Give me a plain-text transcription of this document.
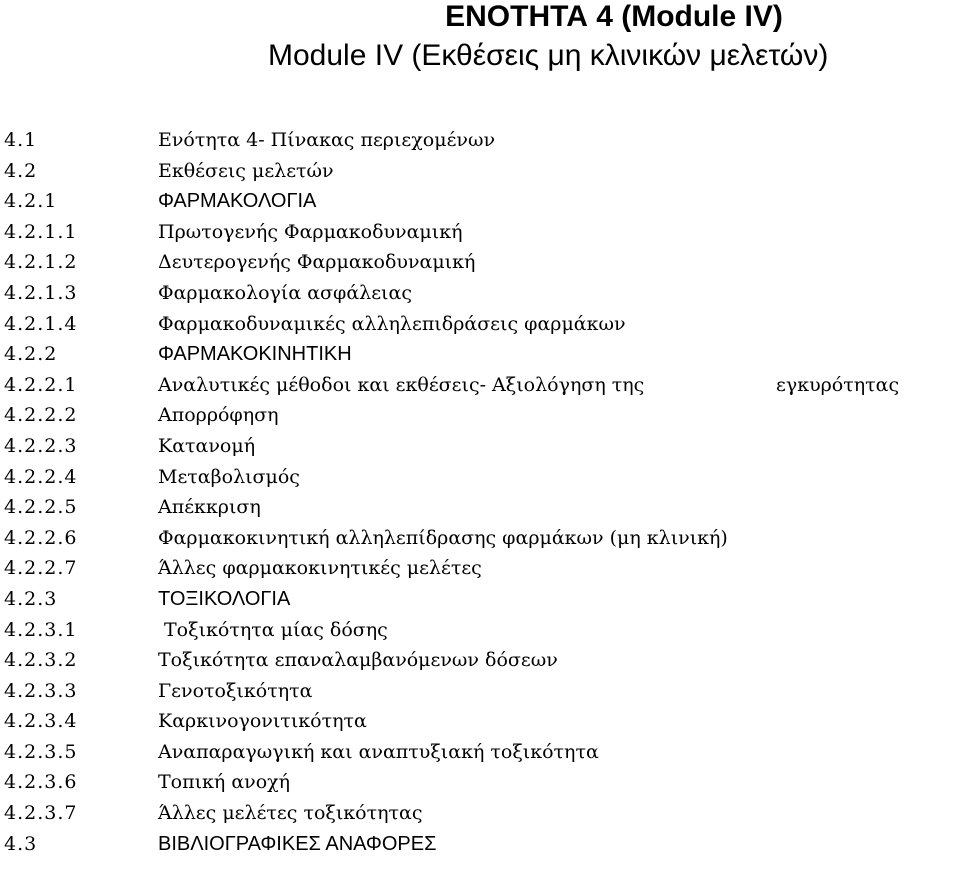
ΕΝΟΤΗΤΑ 4 (Module IV)
Module IV (Εκθέσεις μη κλινικών μελετών)
4.1	Ενότητα 4- Πίνακας περιεχομένων
4.2	Εκθέσεις μελετών
4.2.1	ΦΑΡΜΑΚΟΛΟΓΙΑ
4.2.1.1	Πρωτογενής Φαρμακοδυναμική
4.2.1.2	Δευτερογενής Φαρμακοδυναμική
4.2.1.3	Φαρμακολογία ασφάλειας
4.2.1.4	Φαρμακοδυναμικές αλληλεπιδράσεις φαρμάκων
4.2.2	ΦΑΡΜΑΚΟΚΙΝΗΤΙΚΗ
4.2.2.1	Αναλυτικές μέθοδοι και εκθέσεις- Αξιολόγηση της	εγκυρότητας
4.2.2.2	Απορρόφηση
4.2.2.3	Κατανομή
4.2.2.4	Μεταβολισμός
4.2.2.5	Απέκκριση
4.2.2.6	Φαρμακοκινητική αλληλεπίδρασης φαρμάκων (μη κλινική)
4.2.2.7	Άλλες φαρμακοκινητικές μελέτες
4.2.3	ΤΟΞΙΚΟΛΟΓΙΑ
4.2.3.1	Τοξικότητα μίας δόσης
4.2.3.2	Τοξικότητα επαναλαμβανόμενων δόσεων
4.2.3.3	Γενοτοξικότητα
4.2.3.4	Καρκινογονιτικότητα
4.2.3.5	Αναπαραγωγική και αναπτυξιακή τοξικότητα
4.2.3.6	Τοπική ανοχή
4.2.3.7	Άλλες μελέτες τοξικότητας
4.3	ΒΙΒΛΙΟΓΡΑΦΙΚΕΣ ΑΝΑΦΟΡΕΣ
